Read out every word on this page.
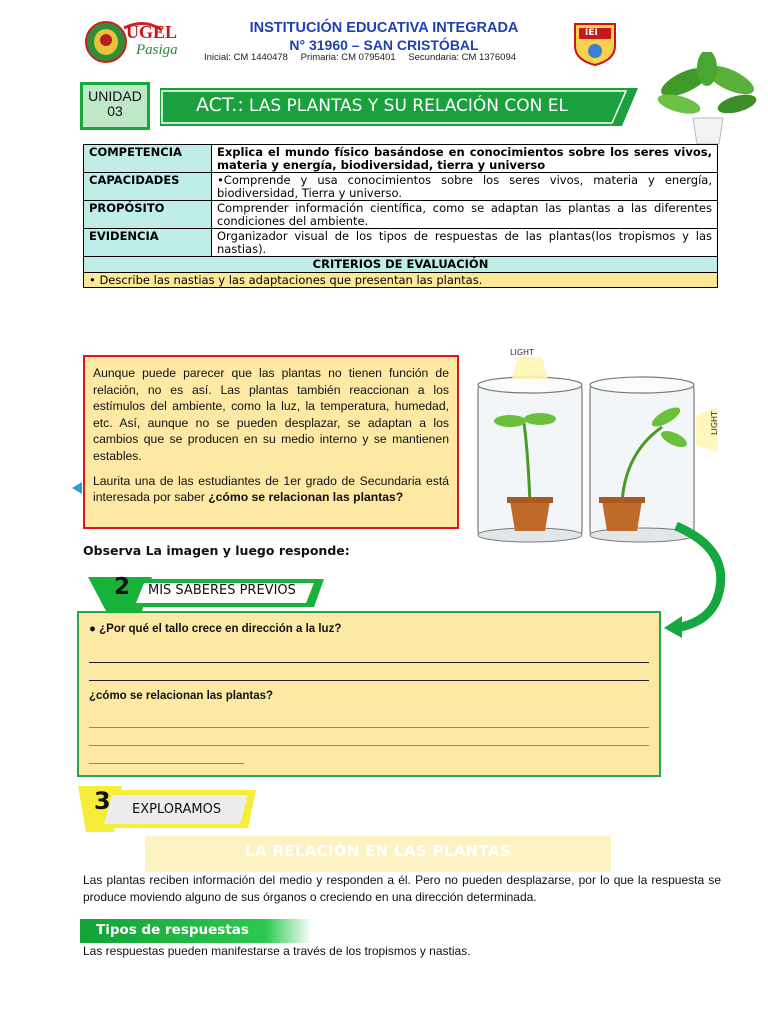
UGEL
Pasiga
INSTITUCIÓN EDUCATIVA INTEGRADA
N° 31960 – SAN CRISTÓBAL
Inicial: CM 1440478 Primaria: CM 0795401 Secundaria: CM 1376094
IEI
UNIDAD 03	ACT.: LAS PLANTAS Y SU RELACIÓN CON EL
COMPETENCIA	Explica el mundo físico basándose en conocimientos sobre los seres vivos, materia y energía, biodiversidad, tierra y universo
CAPACIDADES	•Comprende y usa conocimientos sobre los seres vivos, materia y energía, biodiversidad, Tierra y universo.
PROPÓSITO	Comprender información científica, como se adaptan las plantas a las diferentes condiciones del ambiente.
EVIDENCIA	Organizador visual de los tipos de respuestas de las plantas(los tropismos y las nastias).
CRITERIOS DE EVALUACIÓN	
• Describe las nastias y las adaptaciones que presentan las plantas.	

Aunque puede parecer que las plantas no tienen función de relación, no es así. Las plantas también reaccionan a los estímulos del ambiente, como la luz, la temperatura, humedad, etc. Así, aunque no se pueden desplazar, se adaptan a los cambios que se producen en su medio interno y se mantienen estables.

Laurita una de las estudiantes de 1er grado de Secundaria está interesada por saber ¿cómo se relacionan las plantas?

LIGHT
LIGHT
Observa La imagen y luego responde:
2 MIS SABERES PREVIOS

● ¿Por qué el tallo crece en dirección a la luz?

¿cómo se relacionan las plantas?

3 EXPLORAMOS
LA RELACIÓN EN LAS PLANTAS
Las plantas reciben información del medio y responden a él. Pero no pueden desplazarse, por lo que la respuesta se produce moviendo alguno de sus órganos o creciendo en una dirección determinada.
Tipos de respuestas
Las respuestas pueden manifestarse a través de los tropismos y nastias.
